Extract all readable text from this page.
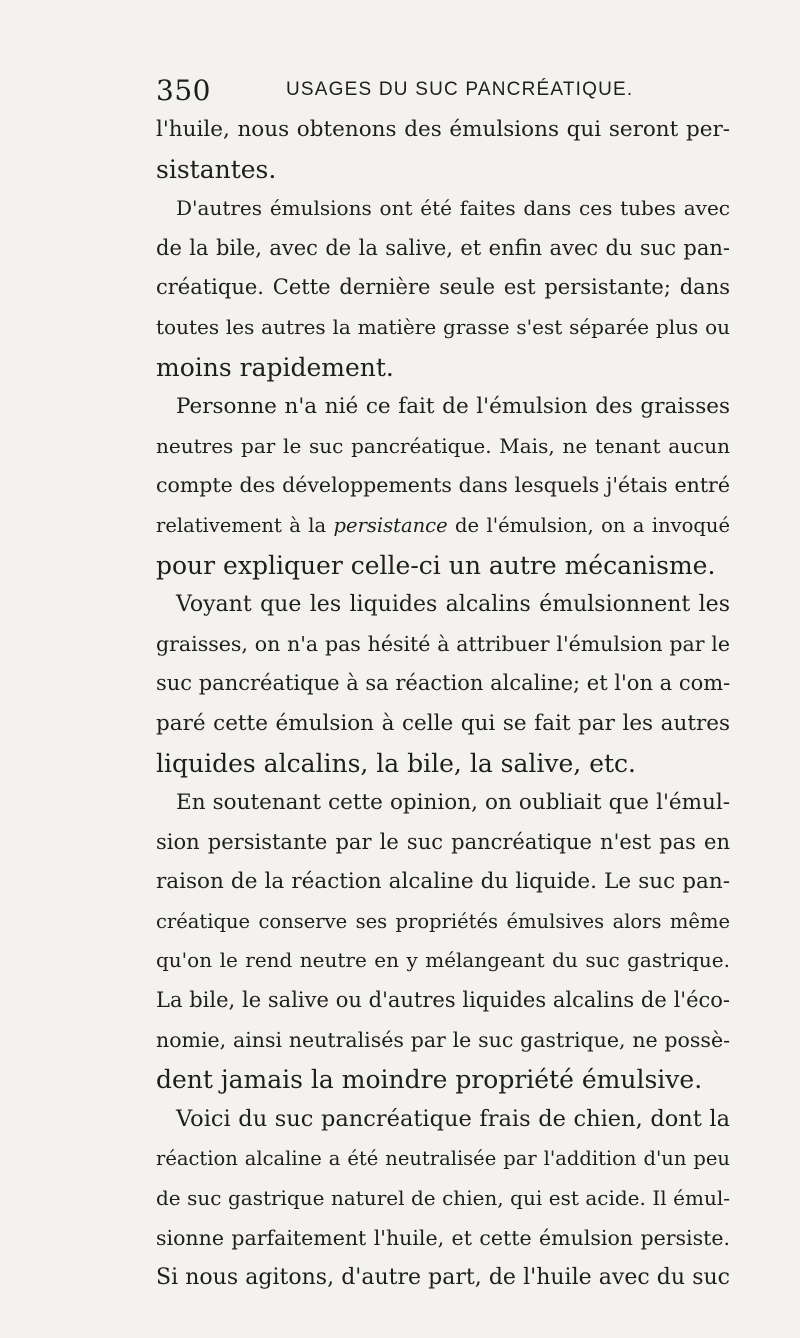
350	USAGES DU SUC PANCRÉATIQUE.
l'huile, nous obtenons des émulsions qui seront per-
sistantes.
D'autres émulsions ont été faites dans ces tubes avec
de la bile, avec de la salive, et enfin avec du suc pan-
créatique. Cette dernière seule est persistante; dans
toutes les autres la matière grasse s'est séparée plus ou
moins rapidement.
Personne n'a nié ce fait de l'émulsion des graisses
neutres par le suc pancréatique. Mais, ne tenant aucun
compte des développements dans lesquels j'étais entré
relativement à la persistance de l'émulsion, on a invoqué
pour expliquer celle-ci un autre mécanisme.
Voyant que les liquides alcalins émulsionnent les
graisses, on n'a pas hésité à attribuer l'émulsion par le
suc pancréatique à sa réaction alcaline; et l'on a com-
paré cette émulsion à celle qui se fait par les autres
liquides alcalins, la bile, la salive, etc.
En soutenant cette opinion, on oubliait que l'émul-
sion persistante par le suc pancréatique n'est pas en
raison de la réaction alcaline du liquide. Le suc pan-
créatique conserve ses propriétés émulsives alors même
qu'on le rend neutre en y mélangeant du suc gastrique.
La bile, le salive ou d'autres liquides alcalins de l'éco-
nomie, ainsi neutralisés par le suc gastrique, ne possè-
dent jamais la moindre propriété émulsive.
Voici du suc pancréatique frais de chien, dont la
réaction alcaline a été neutralisée par l'addition d'un peu
de suc gastrique naturel de chien, qui est acide. Il émul-
sionne parfaitement l'huile, et cette émulsion persiste.
Si nous agitons, d'autre part, de l'huile avec du suc
